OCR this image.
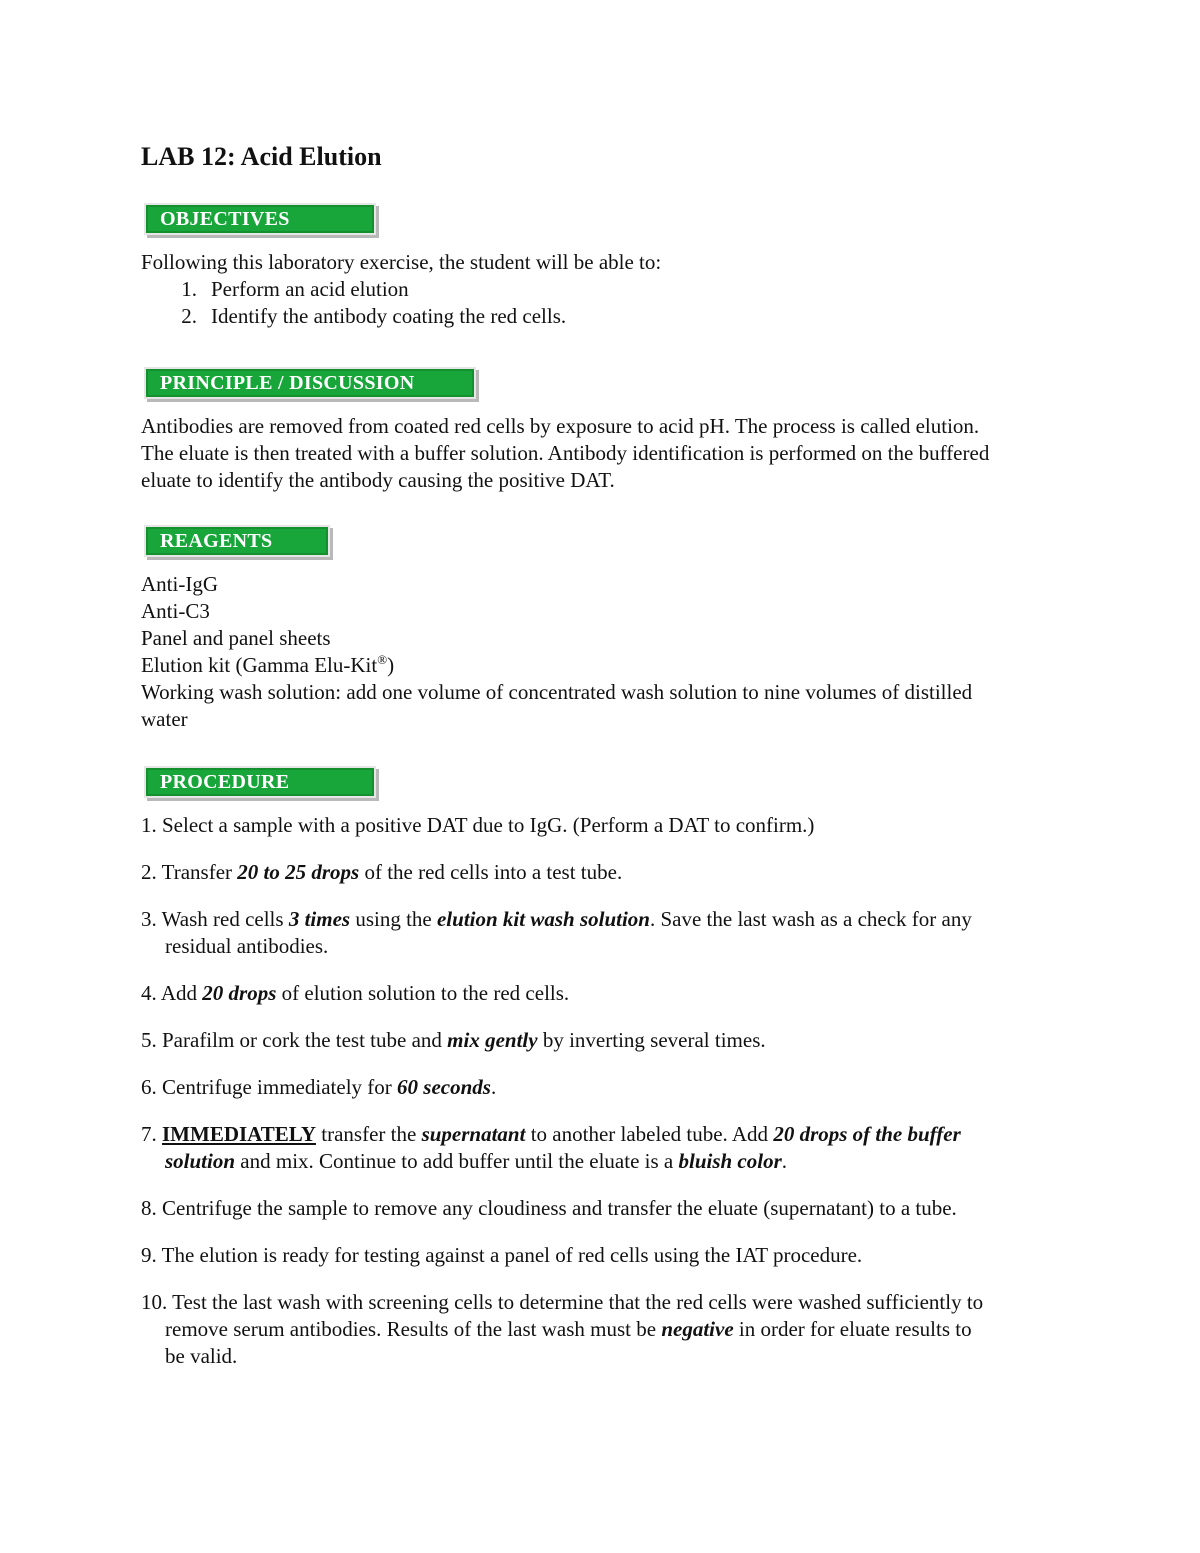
LAB 12: Acid Elution
OBJECTIVES
Following this laboratory exercise, the student will be able to:
1. Perform an acid elution
2. Identify the antibody coating the red cells.
PRINCIPLE / DISCUSSION
Antibodies are removed from coated red cells by exposure to acid pH. The process is called elution.
The eluate is then treated with a buffer solution. Antibody identification is performed on the buffered
eluate to identify the antibody causing the positive DAT.
REAGENTS
Anti-IgG
Anti-C3
Panel and panel sheets
Elution kit (Gamma Elu-Kit®)
Working wash solution: add one volume of concentrated wash solution to nine volumes of distilled
water
PROCEDURE
1. Select a sample with a positive DAT due to IgG. (Perform a DAT to confirm.)
2. Transfer 20 to 25 drops of the red cells into a test tube.
3. Wash red cells 3 times using the elution kit wash solution. Save the last wash as a check for any
residual antibodies.
4. Add 20 drops of elution solution to the red cells.
5. Parafilm or cork the test tube and mix gently by inverting several times.
6. Centrifuge immediately for 60 seconds.
7. IMMEDIATELY transfer the supernatant to another labeled tube. Add 20 drops of the buffer
solution and mix. Continue to add buffer until the eluate is a bluish color.
8. Centrifuge the sample to remove any cloudiness and transfer the eluate (supernatant) to a tube.
9. The elution is ready for testing against a panel of red cells using the IAT procedure.
10. Test the last wash with screening cells to determine that the red cells were washed sufficiently to
remove serum antibodies. Results of the last wash must be negative in order for eluate results to
be valid.
